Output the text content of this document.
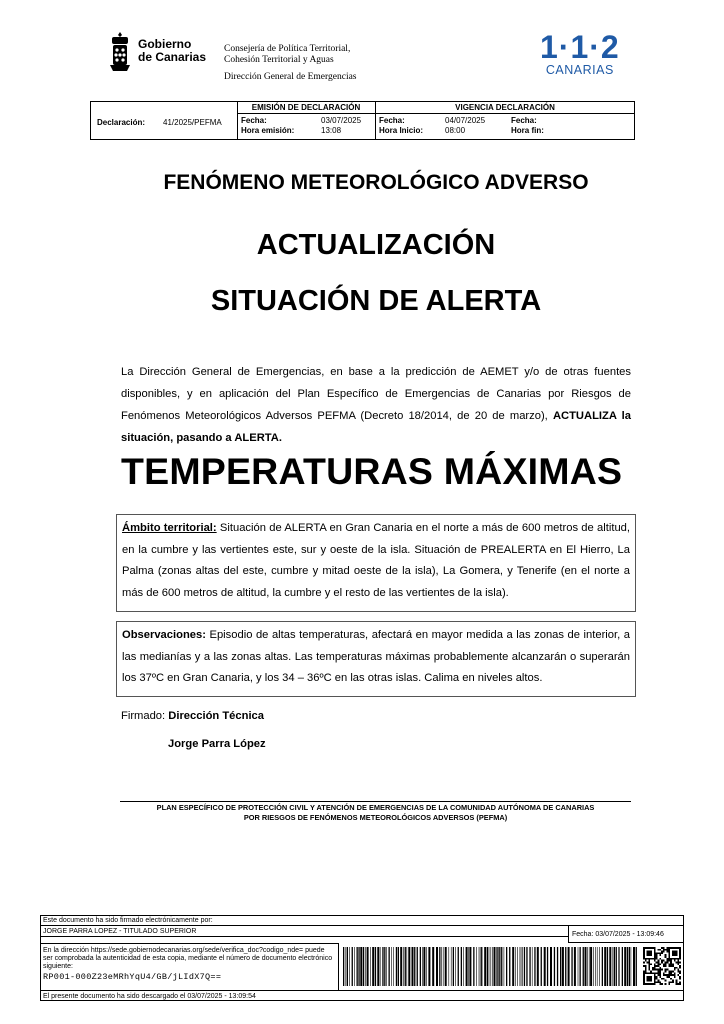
Gobierno
de Canarias
Consejería de Política Territorial,
Cohesión Territorial y Aguas
Dirección General de Emergencias
1·1·2
CANARIAS
Declaración: 41/2025/PEFMA
EMISIÓN DE DECLARACIÓN	VIGENCIA DECLARACIÓN
Fecha:	03/07/2025
Hora emisión:	13:08
Fecha:	04/07/2025
Hora Inicio:	08:00
Fecha:
Hora fin:
FENÓMENO METEOROLÓGICO ADVERSO
ACTUALIZACIÓN
SITUACIÓN DE ALERTA
La Dirección General de Emergencias, en base a la predicción de AEMET y/o de otras fuentes disponibles, y en aplicación del Plan Específico de Emergencias de Canarias por Riesgos de Fenómenos Meteorológicos Adversos PEFMA (Decreto 18/2014, de 20 de marzo), ACTUALIZA la situación, pasando a ALERTA.
TEMPERATURAS MÁXIMAS
Ámbito territorial: Situación de ALERTA en Gran Canaria en el norte a más de 600 metros de altitud, en la cumbre y las vertientes este, sur y oeste de la isla. Situación de PREALERTA en El Hierro, La Palma (zonas altas del este, cumbre y mitad oeste de la isla), La Gomera, y Tenerife (en el norte a más de 600 metros de altitud, la cumbre y el resto de las vertientes de la isla).
Observaciones: Episodio de altas temperaturas, afectará en mayor medida a las zonas de interior, a las medianías y a las zonas altas. Las temperaturas máximas probablemente alcanzarán o superarán los 37ºC en Gran Canaria, y los 34 – 36ºC en las otras islas. Calima en niveles altos.
Firmado: Dirección Técnica
Jorge Parra López
PLAN ESPECÍFICO DE PROTECCIÓN CIVIL Y ATENCIÓN DE EMERGENCIAS DE LA COMUNIDAD AUTÓNOMA DE CANARIAS
POR RIESGOS DE FENÓMENOS METEOROLÓGICOS ADVERSOS (PEFMA)
Este documento ha sido firmado electrónicamente por:
JORGE PARRA LOPEZ - TITULADO SUPERIOR	Fecha: 03/07/2025 - 13:09:46
En la dirección https://sede.gobiernodecanarias.org/sede/verifica_doc?codigo_nde= puede ser comprobada la autenticidad de esta copia, mediante el número de documento electrónico siguiente:
RP001-000Z23eMRhYqU4/GB/jLIdX7Q==
El presente documento ha sido descargado el 03/07/2025 - 13:09:54
